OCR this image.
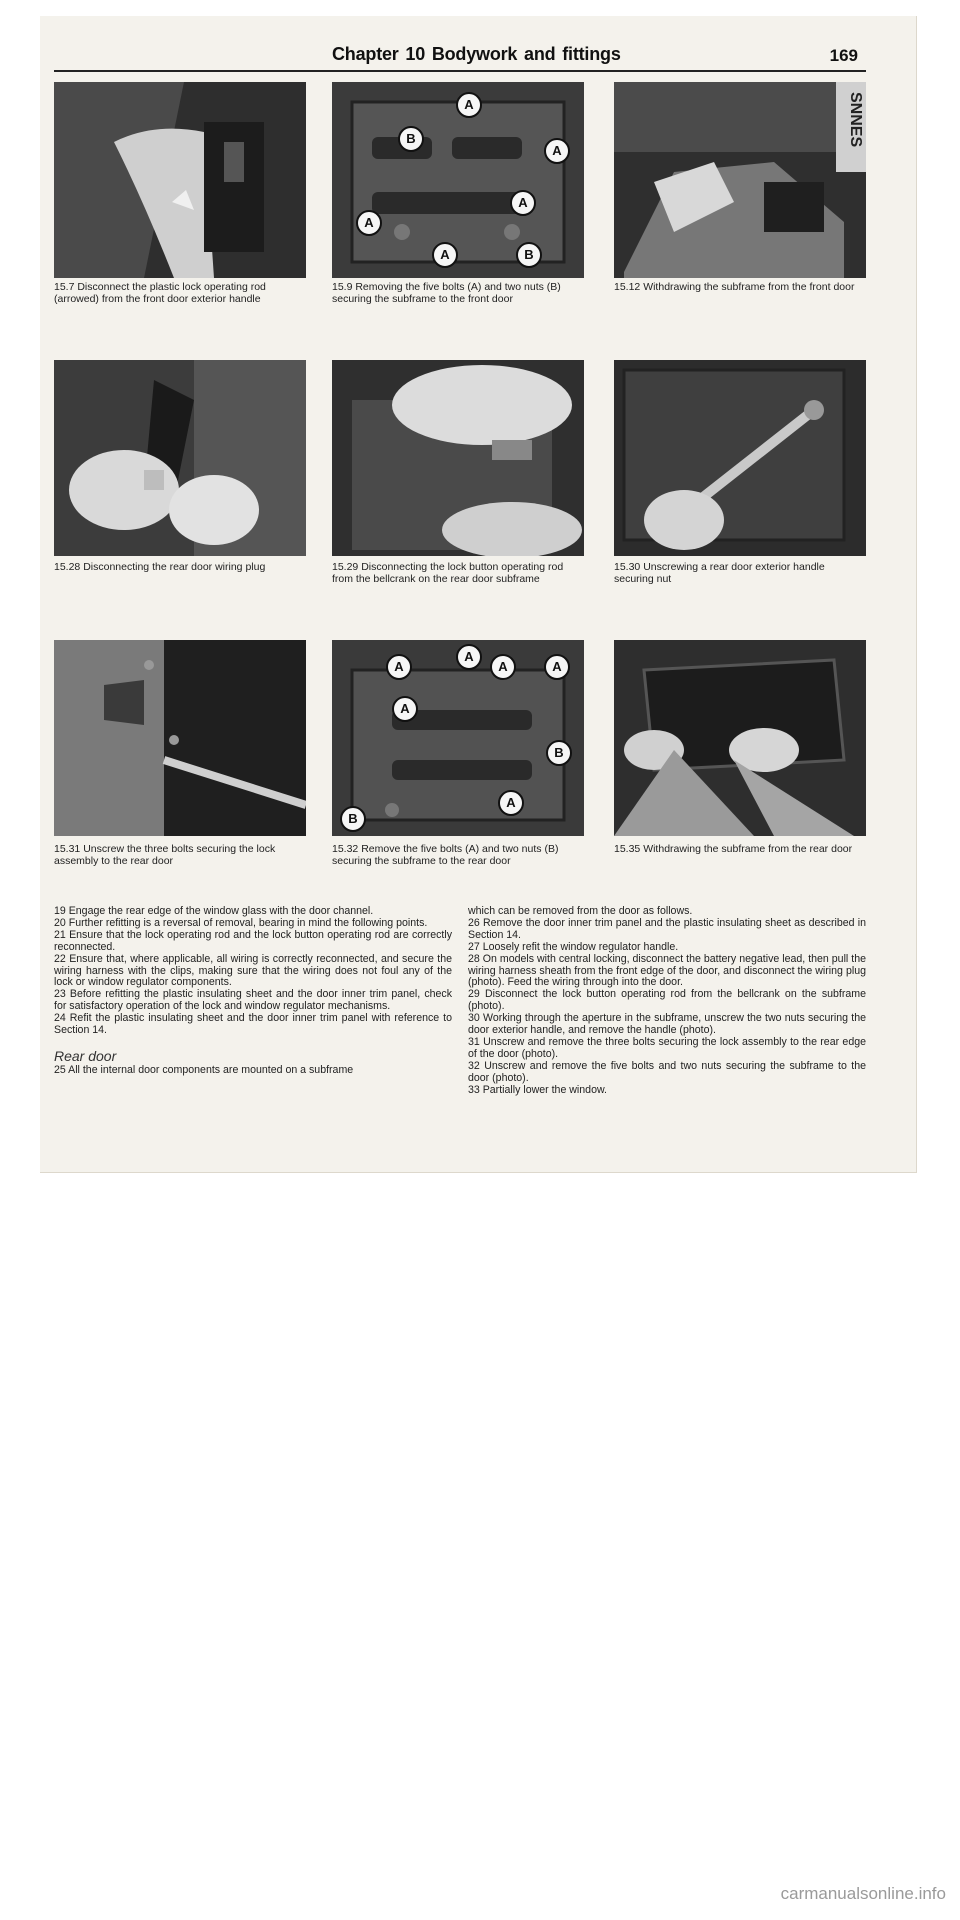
Chapter 10 Bodywork and fittings	169

15.7 Disconnect the plastic lock operating rod (arrowed) from the front door exterior handle

A
B
A
A
A
A	B

15.9 Removing the five bolts (A) and two nuts (B) securing the subframe to the front door

SNNES

15.12 Withdrawing the subframe from the front door

15.28 Disconnecting the rear door wiring plug	15.29 Disconnecting the lock button operating rod from the bellcrank on the rear door subframe

15.30 Unscrewing a rear door exterior handle securing nut

15.31 Unscrew the three bolts securing the lock assembly to the rear door

A
A
A	A
A
B
A
B

15.32 Remove the five bolts (A) and two nuts (B) securing the subframe to the rear door

15.35 Withdrawing the subframe from the rear door

19 Engage the rear edge of the window glass with the door channel.

20 Further refitting is a reversal of removal, bearing in mind the following points.

21 Ensure that the lock operating rod and the lock button operating rod are correctly reconnected.

22 Ensure that, where applicable, all wiring is correctly reconnected, and secure the wiring harness with the clips, making sure that the wiring does not foul any of the lock or window regulator components.

23 Before refitting the plastic insulating sheet and the door inner trim panel, check for satisfactory operation of the lock and window regulator mechanisms.

24 Refit the plastic insulating sheet and the door inner trim panel with reference to Section 14.

Rear door

25 All the internal door components are mounted on a subframe

which can be removed from the door as follows.

26 Remove the door inner trim panel and the plastic insulating sheet as described in Section 14.

27 Loosely refit the window regulator handle.

28 On models with central locking, disconnect the battery negative lead, then pull the wiring harness sheath from the front edge of the door, and disconnect the wiring plug (photo). Feed the wiring through into the door.

29 Disconnect the lock button operating rod from the bellcrank on the subframe (photo).

30 Working through the aperture in the subframe, unscrew the two nuts securing the door exterior handle, and remove the handle (photo).

31 Unscrew and remove the three bolts securing the lock assembly to the rear edge of the door (photo).

32 Unscrew and remove the five bolts and two nuts securing the subframe to the door (photo).

33 Partially lower the window.

carmanualsonline.info
